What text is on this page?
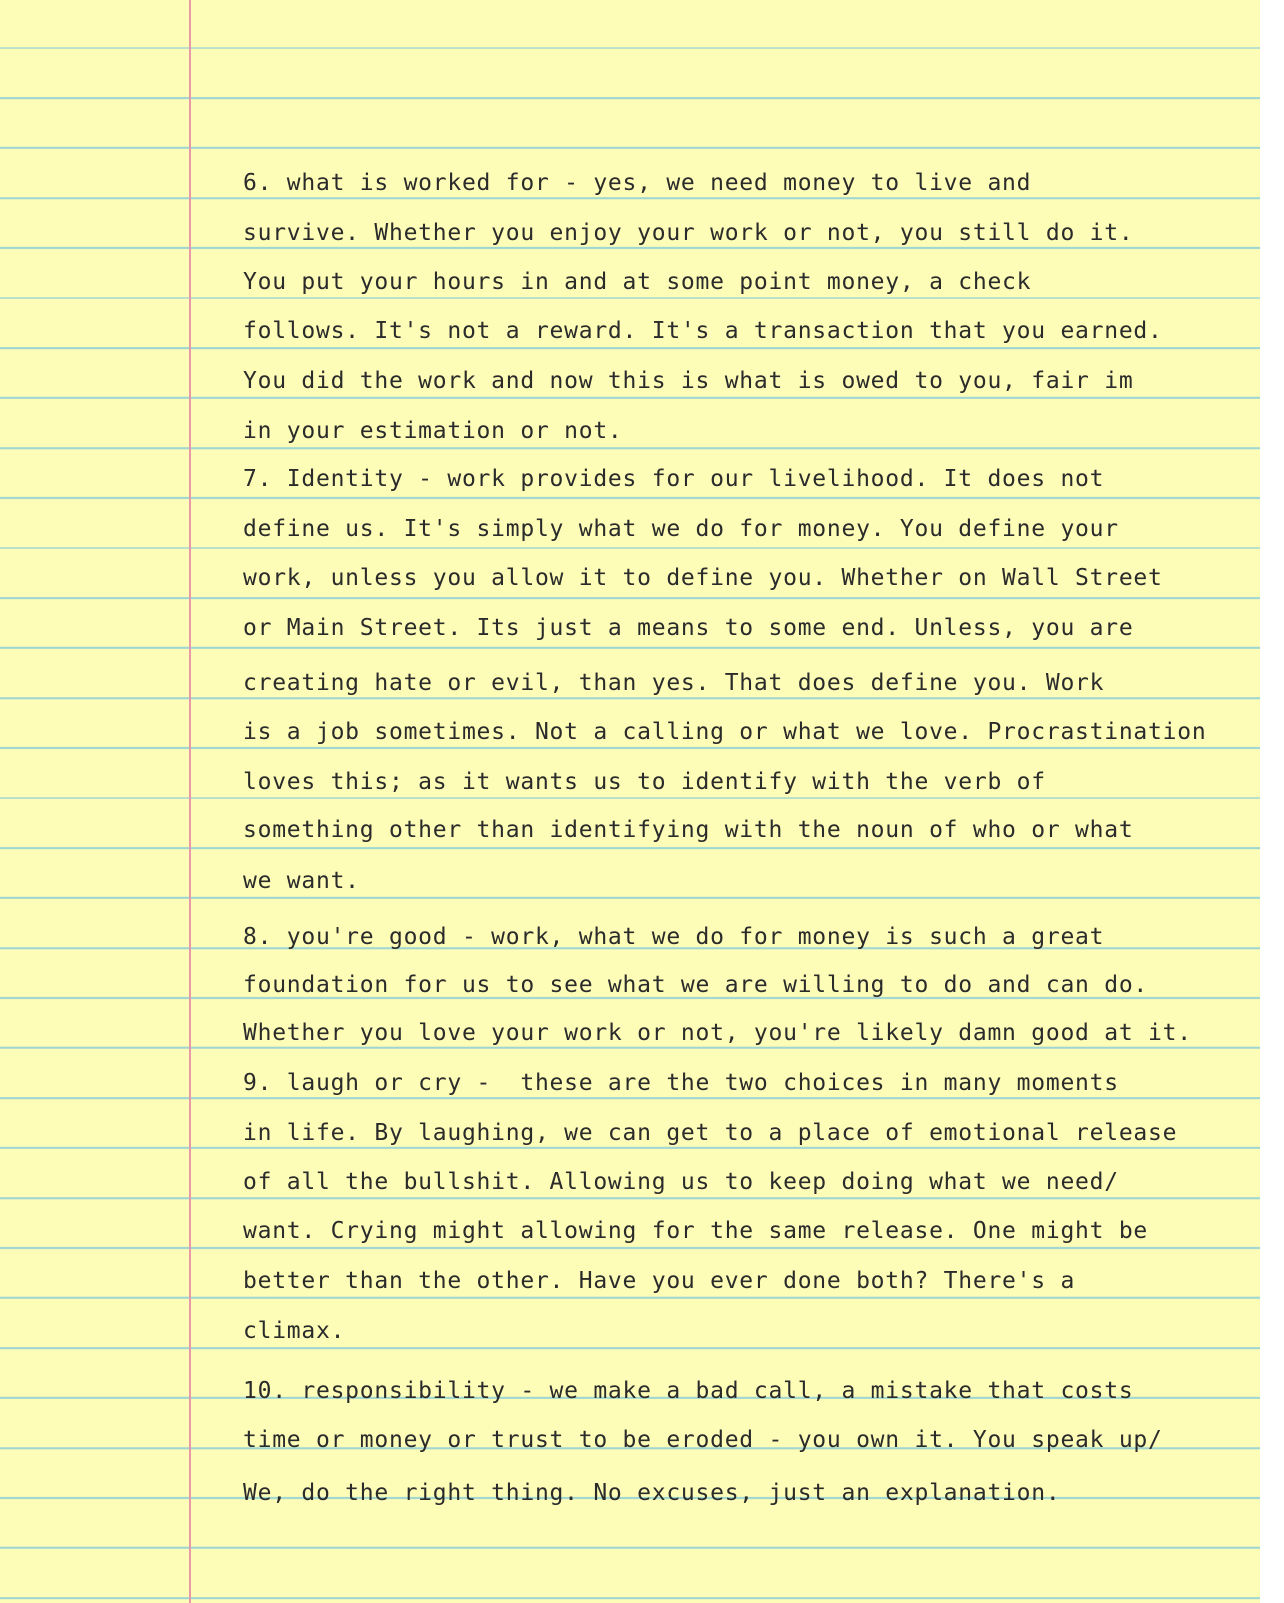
6. what is worked for - yes, we need money to live and

survive. Whether you enjoy your work or not, you still do it.

You put your hours in and at some point money, a check

follows. It's not a reward. It's a transaction that you earned.

You did the work and now this is what is owed to you, fair im

in your estimation or not.

7. Identity - work provides for our livelihood. It does not

define us. It's simply what we do for money. You define your

work, unless you allow it to define you. Whether on Wall Street

or Main Street. Its just a means to some end. Unless, you are

creating hate or evil, than yes. That does define you. Work

is a job sometimes. Not a calling or what we love. Procrastination

loves this; as it wants us to identify with the verb of

something other than identifying with the noun of who or what

we want.

8. you're good - work, what we do for money is such a great

foundation for us to see what we are willing to do and can do.

Whether you love your work or not, you're likely damn good at it.

9. laugh or cry -  these are the two choices in many moments

in life. By laughing, we can get to a place of emotional release

of all the bullshit. Allowing us to keep doing what we need/

want. Crying might allowing for the same release. One might be

better than the other. Have you ever done both? There's a

climax.

10. responsibility - we make a bad call, a mistake that costs

time or money or trust to be eroded - you own it. You speak up/

We, do the right thing. No excuses, just an explanation.
